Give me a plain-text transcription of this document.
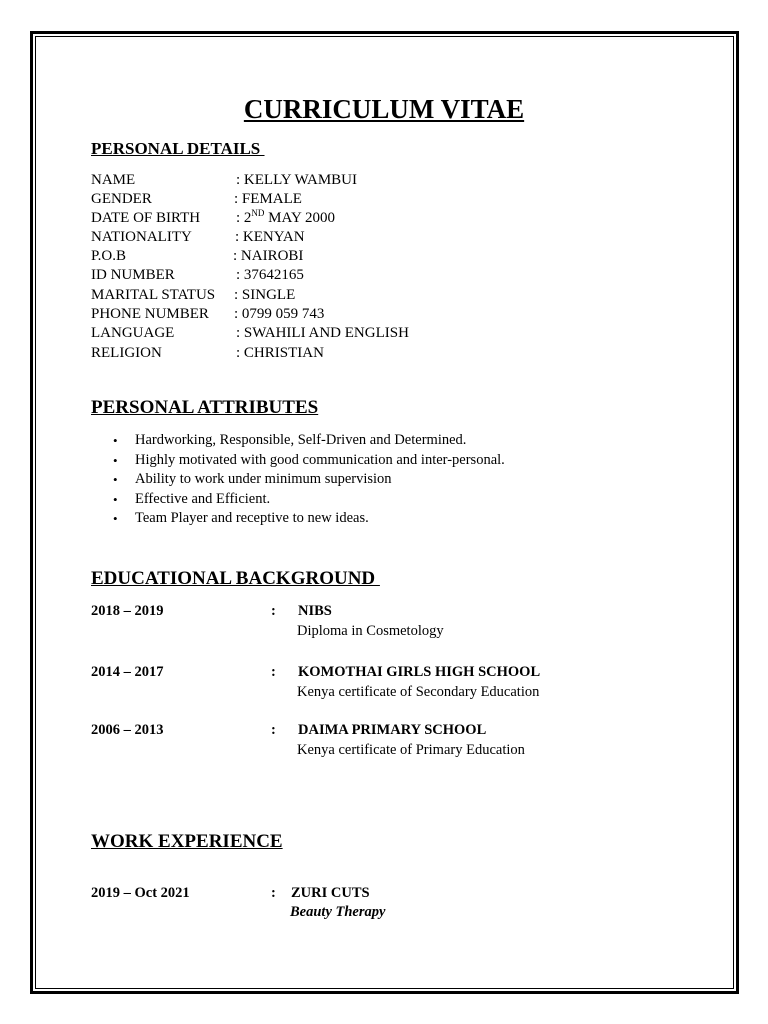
CURRICULUM VITAE
PERSONAL DETAILS
NAME	: KELLY WAMBUI
GENDER	: FEMALE
DATE OF BIRTH : 2ND MAY 2000
NATIONALITY	: KENYAN
P.O.B	: NAIROBI
ID NUMBER	: 37642165
MARITAL STATUS : SINGLE
PHONE NUMBER : 0799 059 743
LANGUAGE	: SWAHILI AND ENGLISH
RELIGION	: CHRISTIAN
PERSONAL ATTRIBUTES
• Hardworking, Responsible, Self-Driven and Determined.
• Highly motivated with good communication and inter-personal.
• Ability to work under minimum supervision
• Effective and Efficient.
• Team Player and receptive to new ideas.
EDUCATIONAL BACKGROUND
2018 – 2019	: NIBS
Diploma in Cosmetology
2014 – 2017	: KOMOTHAI GIRLS HIGH SCHOOL
Kenya certificate of Secondary Education
2006 – 2013	: DAIMA PRIMARY SCHOOL
Kenya certificate of Primary Education
WORK EXPERIENCE
2019 – Oct 2021	: ZURI CUTS
Beauty Therapy
